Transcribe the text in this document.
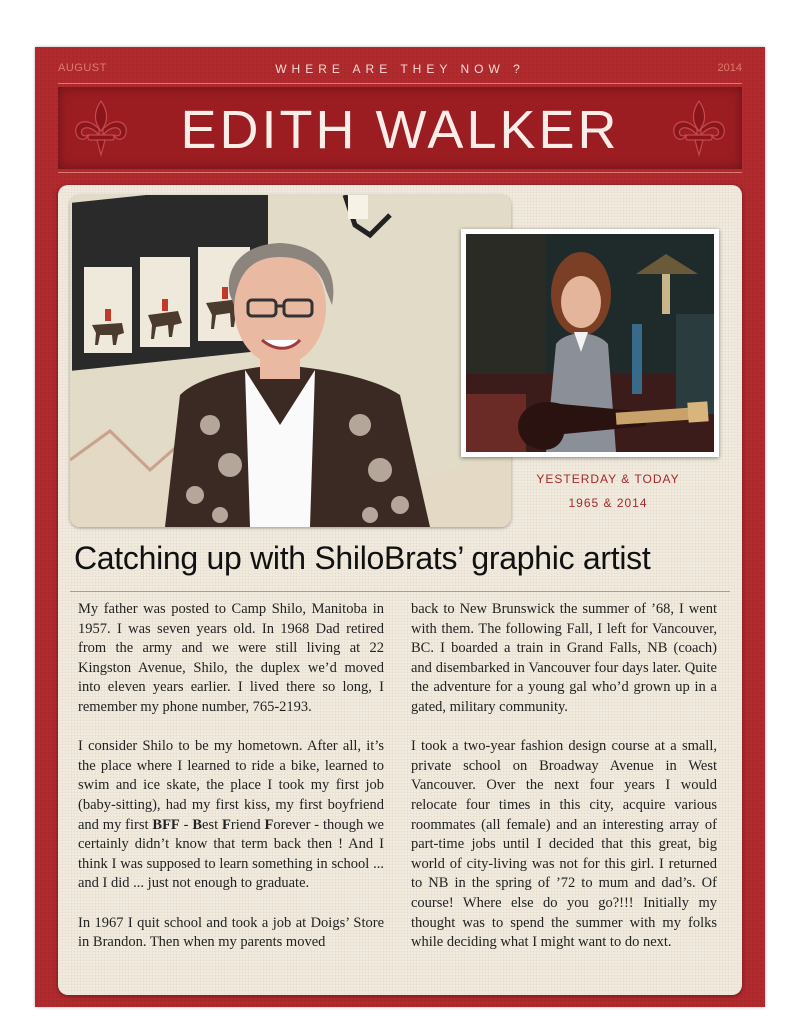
AUGUST	WHERE ARE THEY NOW ?	2014
EDITH WALKER
YESTERDAY & TODAY
1965 & 2014
Catching up with ShiloBrats’ graphic artist

My father was posted to Camp Shilo, Manitoba in 1957. I was seven years old. In 1968 Dad retired from the army and we were still living at 22 Kingston Avenue, Shilo, the duplex we’d moved into eleven years earlier. I lived there so long, I remember my phone number, 765-2193.

I consider Shilo to be my hometown. After all, it’s the place where I learned to ride a bike, learned to swim and ice skate, the place I took my first job (baby-sitting), had my first kiss, my first boyfriend and my first BFF - Best Friend Forever - though we certainly didn’t know that term back then ! And I think I was supposed to learn something in school ... and I did ... just not enough to graduate.

In 1967 I quit school and took a job at Doigs’ Store in Brandon. Then when my parents moved

back to New Brunswick the summer of ’68, I went with them. The following Fall, I left for Vancouver, BC. I boarded a train in Grand Falls, NB (coach) and disembarked in Vancouver four days later. Quite the adventure for a young gal who’d grown up in a gated, military community.

I took a two-year fashion design course at a small, private school on Broadway Avenue in West Vancouver. Over the next four years I would relocate four times in this city, acquire various roommates (all female) and an interesting array of part-time jobs until I decided that this great, big world of city-living was not for this girl. I returned to NB in the spring of ’72 to mum and dad’s. Of course! Where else do you go?!!! Initially my thought was to spend the summer with my folks while deciding what I might want to do next.
